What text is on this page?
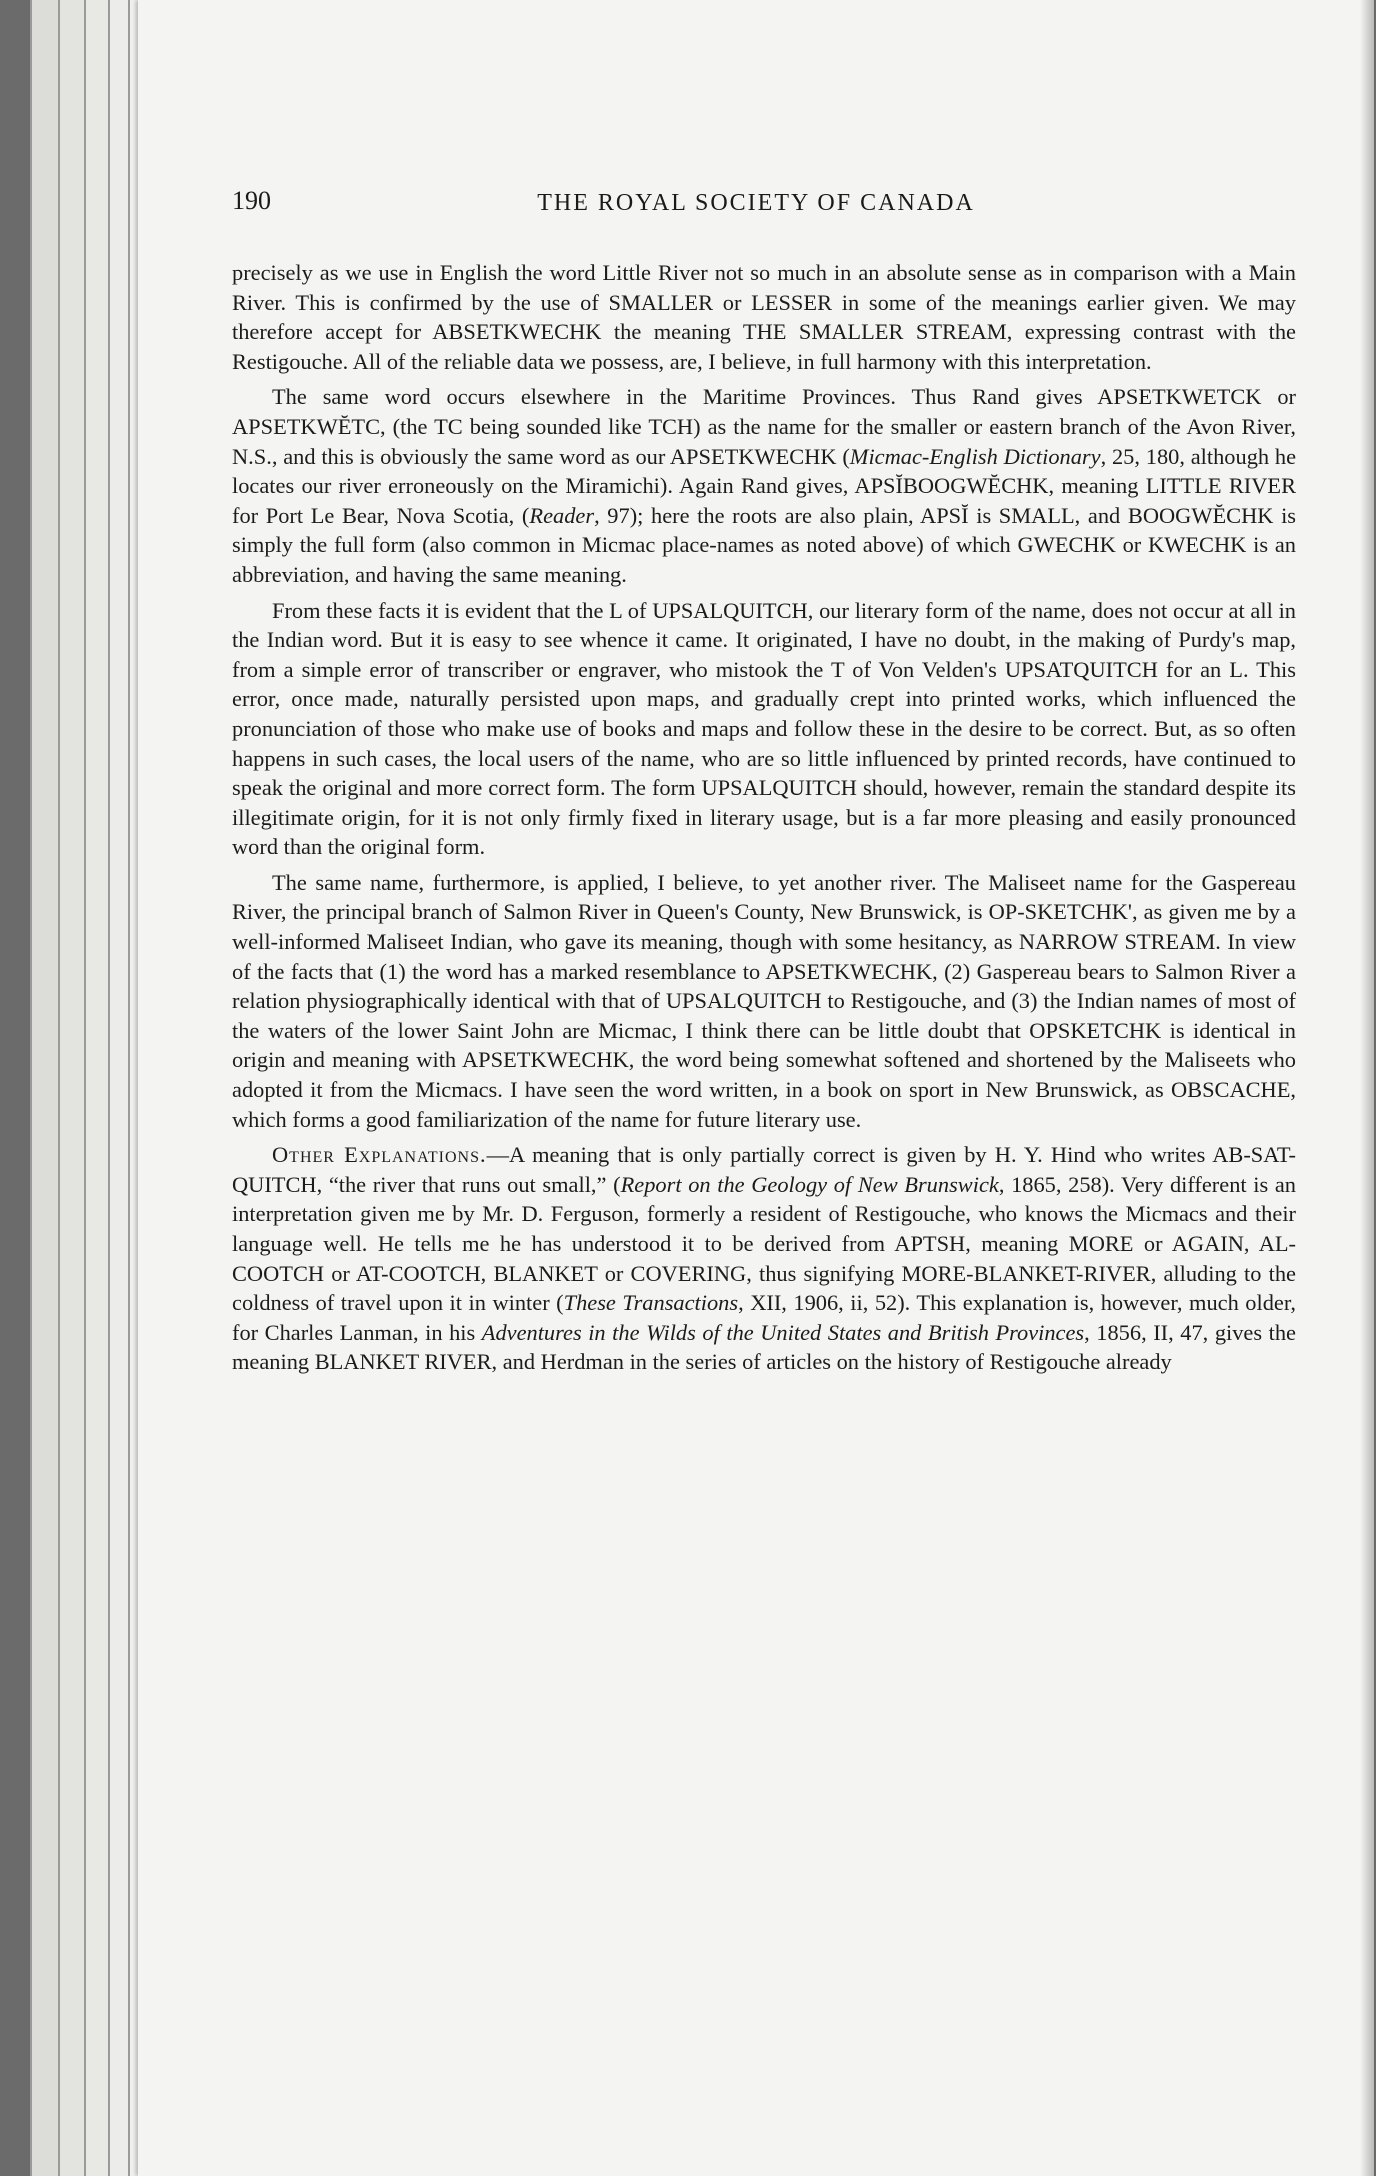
190	THE ROYAL SOCIETY OF CANADA

precisely as we use in English the word Little River not so much in an absolute sense as in comparison with a Main River. This is confirmed by the use of SMALLER or LESSER in some of the meanings earlier given. We may therefore accept for ABSETKWECHK the meaning THE SMALLER STREAM, expressing contrast with the Restigouche. All of the reliable data we possess, are, I believe, in full harmony with this interpretation.

The same word occurs elsewhere in the Maritime Provinces. Thus Rand gives APSETKWETCK or APSETKWĔTC, (the TC being sounded like TCH) as the name for the smaller or eastern branch of the Avon River, N.S., and this is obviously the same word as our APSETKWECHK (Micmac-English Dictionary, 25, 180, although he locates our river erroneously on the Miramichi). Again Rand gives, APSĬBOOGWĔCHK, meaning LITTLE RIVER for Port Le Bear, Nova Scotia, (Reader, 97); here the roots are also plain, APSĬ is SMALL, and BOOGWĔCHK is simply the full form (also common in Micmac place-names as noted above) of which GWECHK or KWECHK is an abbreviation, and having the same meaning.

From these facts it is evident that the L of UPSALQUITCH, our literary form of the name, does not occur at all in the Indian word. But it is easy to see whence it came. It originated, I have no doubt, in the making of Purdy's map, from a simple error of transcriber or engraver, who mistook the T of Von Velden's UPSATQUITCH for an L. This error, once made, naturally persisted upon maps, and gradually crept into printed works, which influenced the pronunciation of those who make use of books and maps and follow these in the desire to be correct. But, as so often happens in such cases, the local users of the name, who are so little influenced by printed records, have continued to speak the original and more correct form. The form UPSALQUITCH should, however, remain the standard despite its illegitimate origin, for it is not only firmly fixed in literary usage, but is a far more pleasing and easily pronounced word than the original form.

The same name, furthermore, is applied, I believe, to yet another river. The Maliseet name for the Gaspereau River, the principal branch of Salmon River in Queen's County, New Brunswick, is OP-SKETCHK', as given me by a well-informed Maliseet Indian, who gave its meaning, though with some hesitancy, as NARROW STREAM. In view of the facts that (1) the word has a marked resemblance to APSETKWECHK, (2) Gaspereau bears to Salmon River a relation physiographically identical with that of UPSALQUITCH to Restigouche, and (3) the Indian names of most of the waters of the lower Saint John are Micmac, I think there can be little doubt that OPSKETCHK is identical in origin and meaning with APSETKWECHK, the word being somewhat softened and shortened by the Maliseets who adopted it from the Micmacs. I have seen the word written, in a book on sport in New Brunswick, as OBSCACHE, which forms a good familiarization of the name for future literary use.

Other Explanations.—A meaning that is only partially correct is given by H. Y. Hind who writes AB-SAT-QUITCH, “the river that runs out small,” (Report on the Geology of New Brunswick, 1865, 258). Very different is an interpretation given me by Mr. D. Ferguson, formerly a resident of Restigouche, who knows the Micmacs and their language well. He tells me he has understood it to be derived from APTSH, meaning MORE or AGAIN, AL-COOTCH or AT-COOTCH, BLANKET or COVERING, thus signifying MORE-BLANKET-RIVER, alluding to the coldness of travel upon it in winter (These Transactions, XII, 1906, ii, 52). This explanation is, however, much older, for Charles Lanman, in his Adventures in the Wilds of the United States and British Provinces, 1856, II, 47, gives the meaning BLANKET RIVER, and Herdman in the series of articles on the history of Restigouche already
